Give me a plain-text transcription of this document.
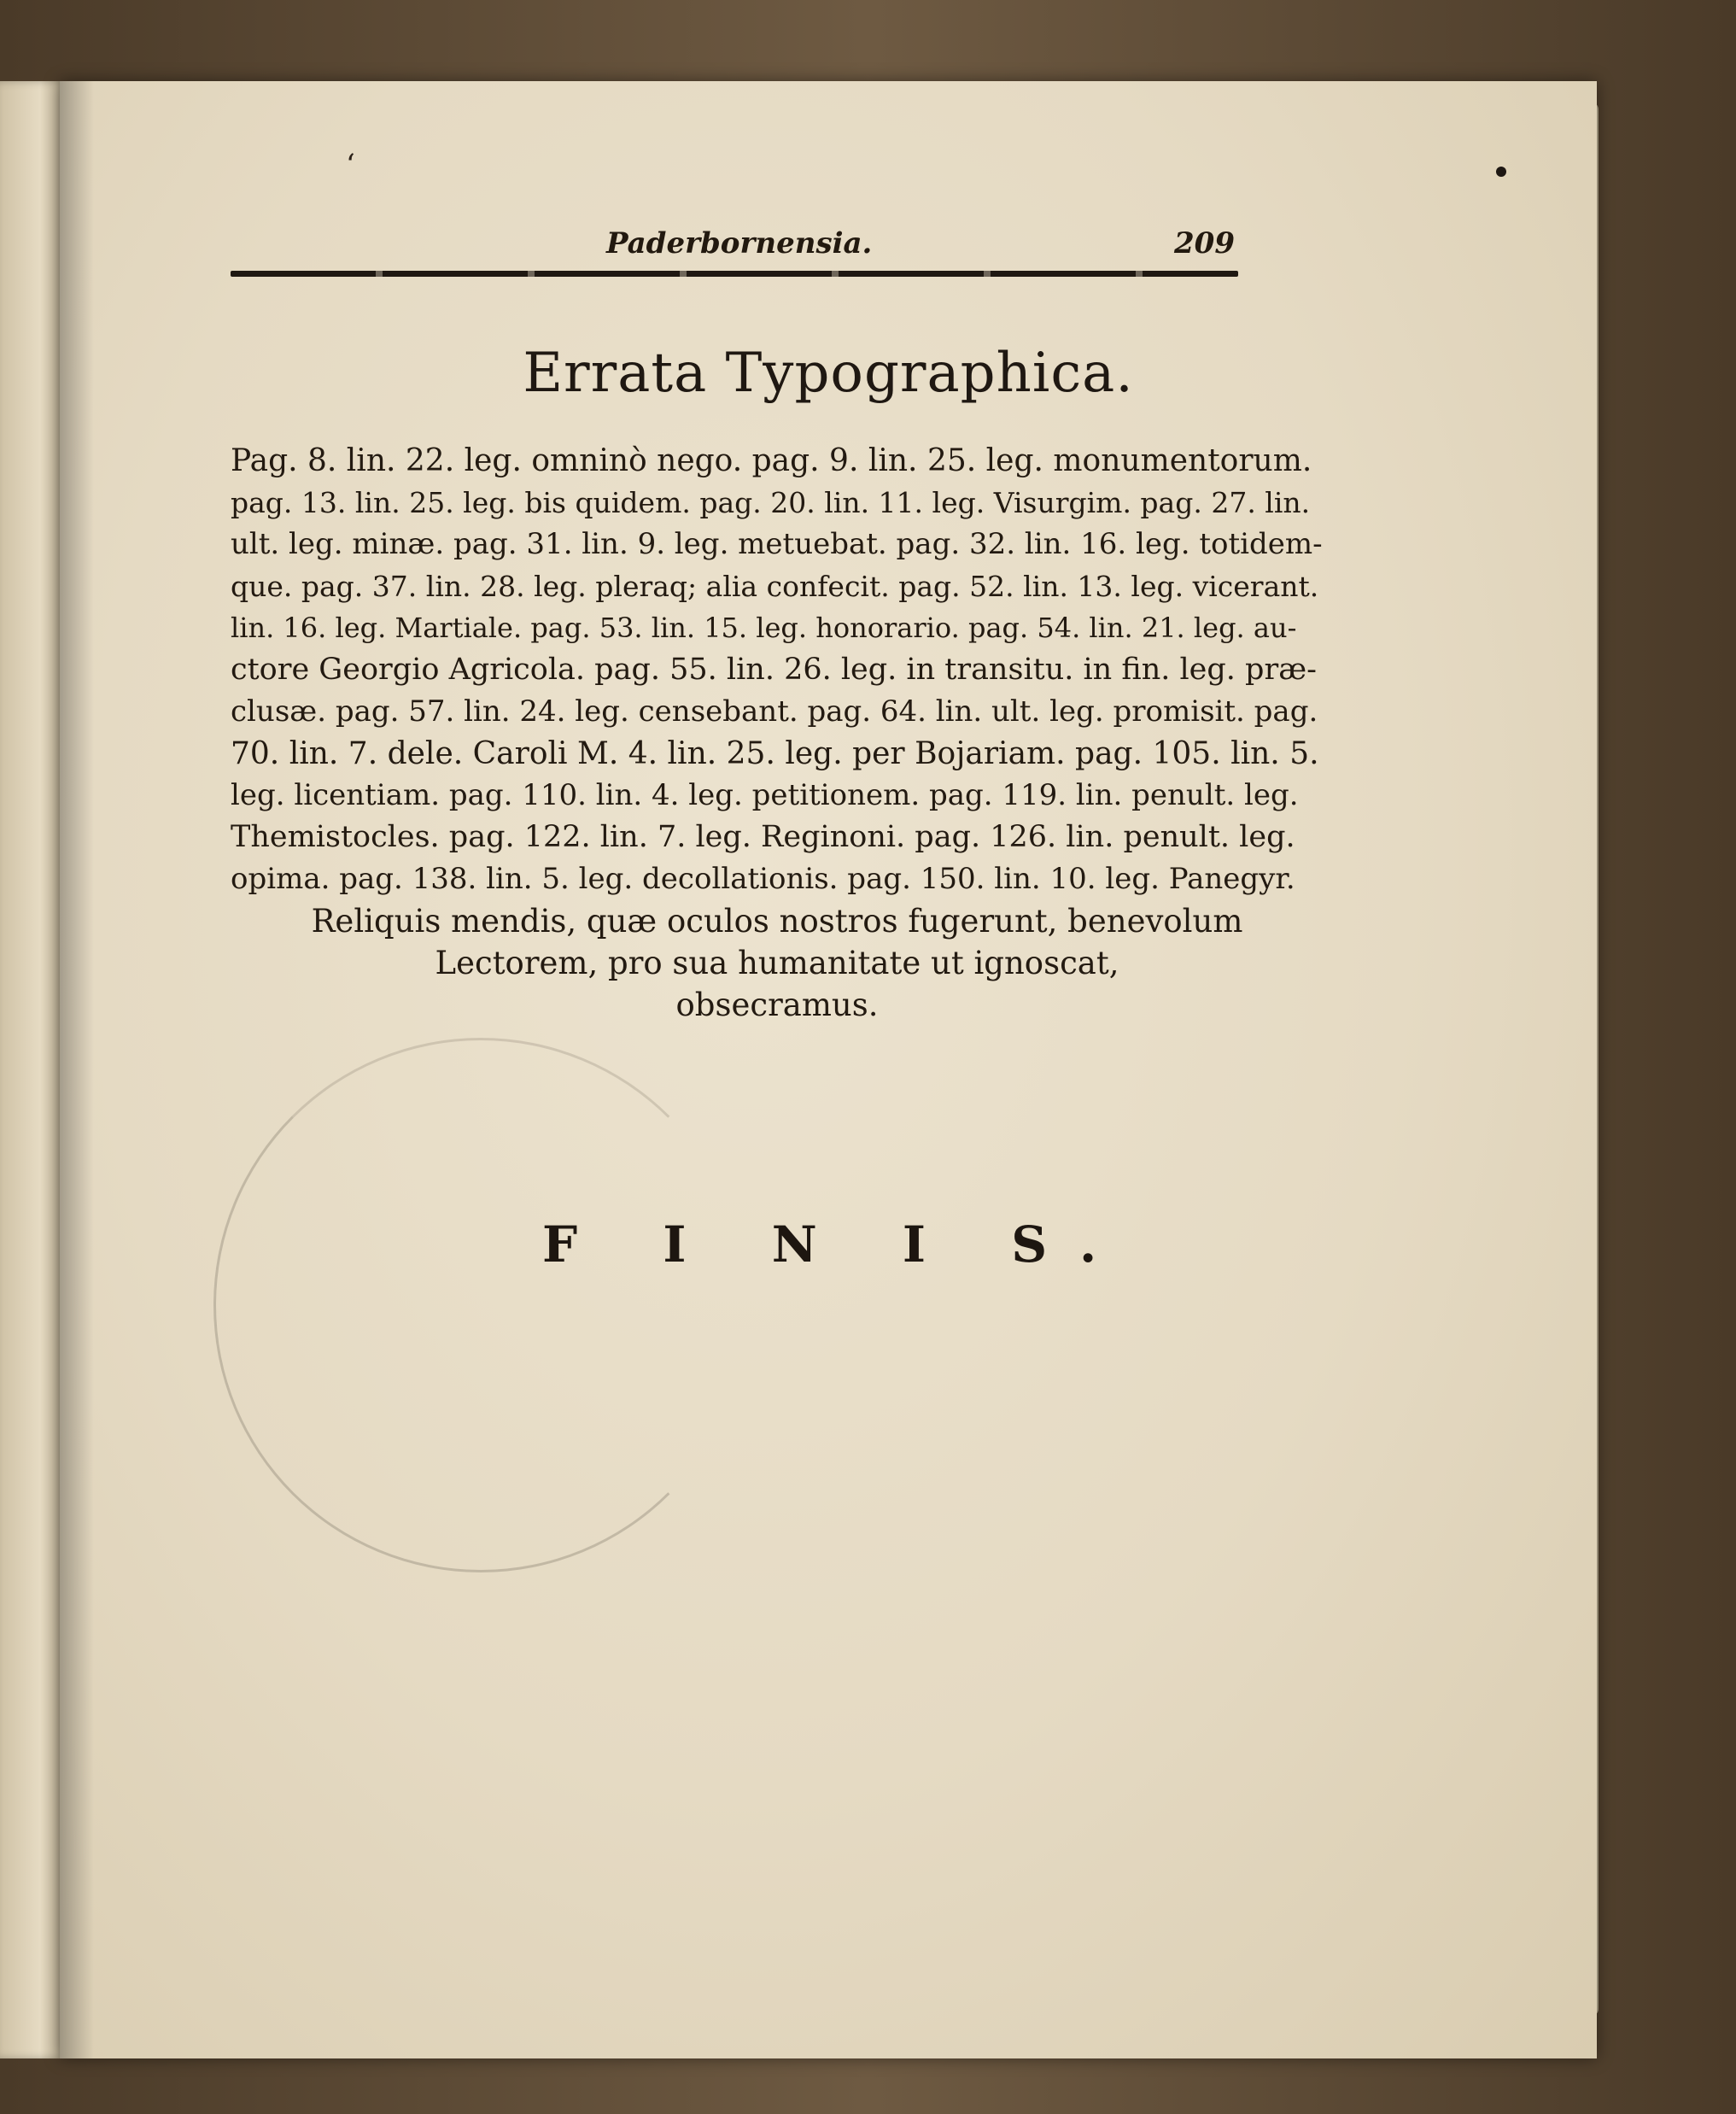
ʻ
Paderbornensia.	209
Errata Typographica.
Pag. 8. lin. 22. leg. omninò nego. pag. 9. lin. 25. leg. monumentorum.
pag. 13. lin. 25. leg. bis quidem. pag. 20. lin. 11. leg. Visurgim. pag. 27. lin.
ult. leg. minæ. pag. 31. lin. 9. leg. metuebat. pag. 32. lin. 16. leg. totidem-
que. pag. 37. lin. 28. leg. pleraq; alia confecit. pag. 52. lin. 13. leg. vicerant.
lin. 16. leg. Martiale. pag. 53. lin. 15. leg. honorario. pag. 54. lin. 21. leg. au-
ctore Georgio Agricola. pag. 55. lin. 26. leg. in transitu. in fin. leg. præ-
clusæ. pag. 57. lin. 24. leg. censebant. pag. 64. lin. ult. leg. promisit. pag.
70. lin. 7. dele. Caroli M. 4. lin. 25. leg. per Bojariam. pag. 105. lin. 5.
leg. licentiam. pag. 110. lin. 4. leg. petitionem. pag. 119. lin. penult. leg.
Themistocles. pag. 122. lin. 7. leg. Reginoni. pag. 126. lin. penult. leg.
opima. pag. 138. lin. 5. leg. decollationis. pag. 150. lin. 10. leg. Panegyr.
Reliquis mendis, quæ oculos nostros fugerunt, benevolum
Lectorem, pro sua humanitate ut ignoscat,
obsecramus.
F I N I S.
